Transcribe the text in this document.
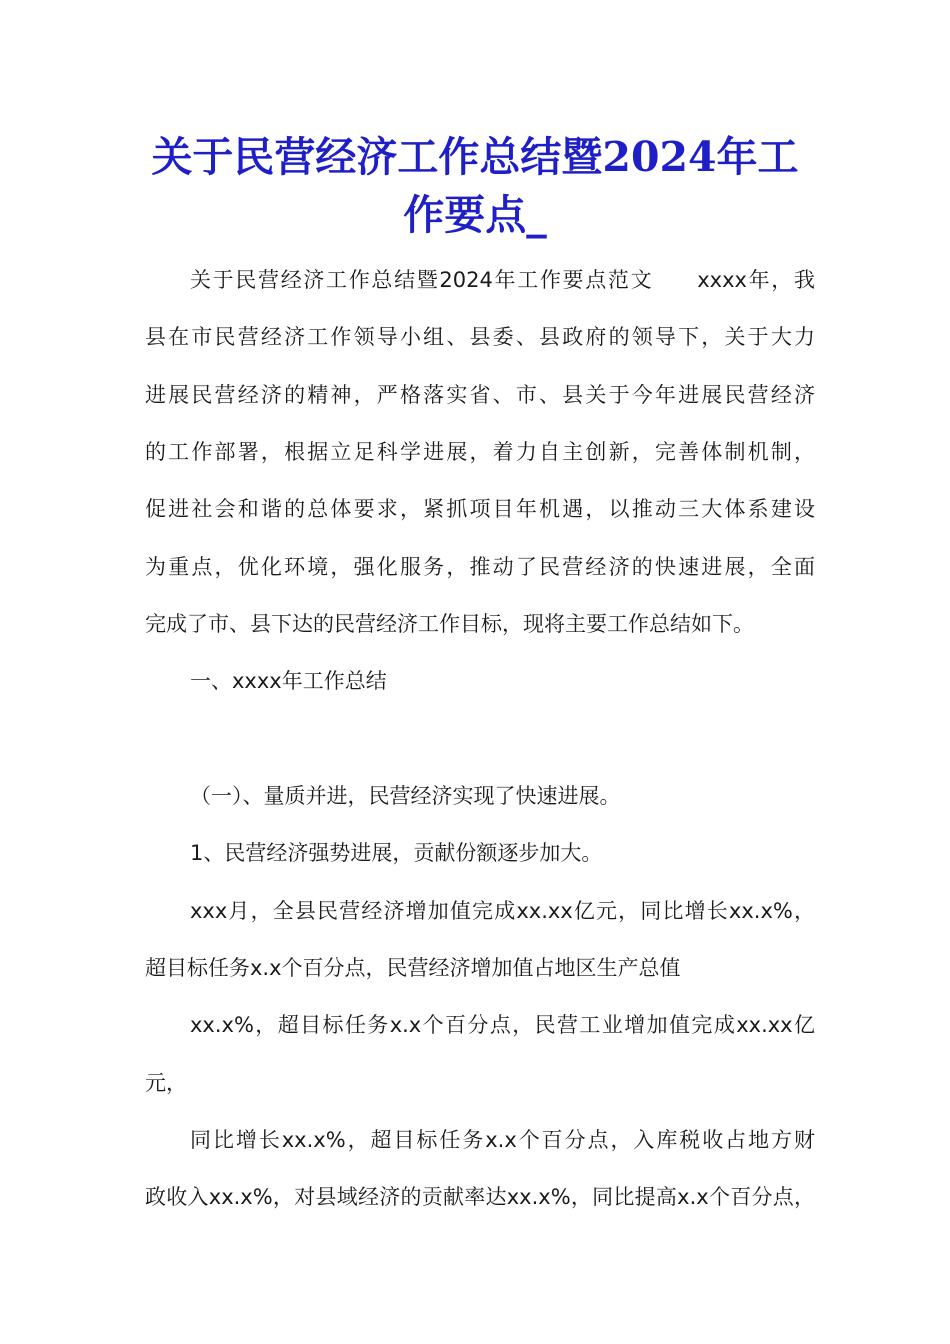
关于民营经济工作总结暨2024年工
作要点_
关于民营经济工作总结暨2024年工作要点范文 xxxx年，我
县在市民营经济工作领导小组、县委、县政府的领导下，关于大力
进展民营经济的精神，严格落实省、市、县关于今年进展民营经济
的工作部署，根据立足科学进展，着力自主创新，完善体制机制，
促进社会和谐的总体要求，紧抓项目年机遇，以推动三大体系建设
为重点，优化环境，强化服务，推动了民营经济的快速进展，全面
完成了市、县下达的民营经济工作目标，现将主要工作总结如下。
一、xxxx年工作总结
（一）、量质并进，民营经济实现了快速进展。
1、民营经济强势进展，贡献份额逐步加大。
xxx月，全县民营经济增加值完成xx.xx亿元，同比增长xx.x%，
超目标任务x.x个百分点，民营经济增加值占地区生产总值
xx.x%，超目标任务x.x个百分点，民营工业增加值完成xx.xx亿
元，
同比增长xx.x%，超目标任务x.x个百分点，入库税收占地方财
政收入xx.x%，对县域经济的贡献率达xx.x%，同比提高x.x个百分点，
